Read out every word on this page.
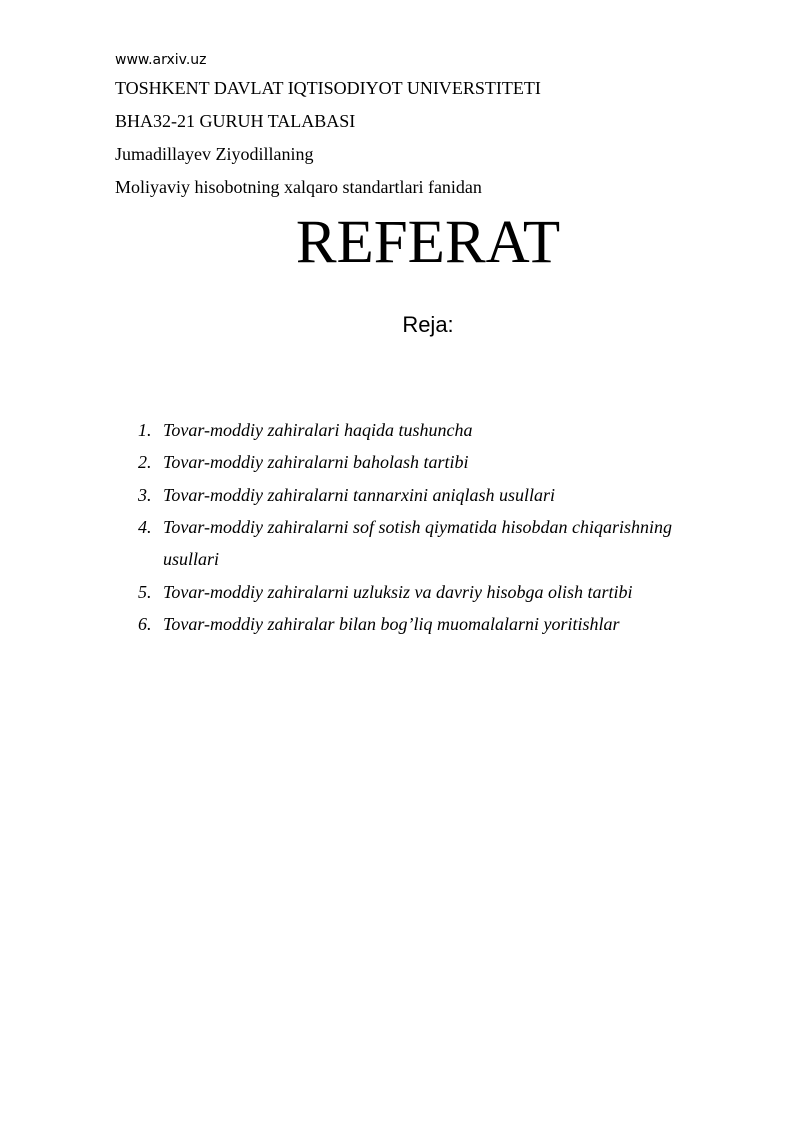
www.arxiv.uz
TOSHKENT DAVLAT IQTISODIYOT UNIVERSTITETI
BHA32-21 GURUH TALABASI
Jumadillayev Ziyodillaning
Moliyaviy hisobotning xalqaro standartlari fanidan
REFERAT
Reja:
1. Tovar-moddiy zahiralari haqida tushuncha
2. Tovar-moddiy zahiralarni baholash tartibi
3. Tovar-moddiy zahiralarni tannarxini aniqlash usullari
4. Tovar-moddiy zahiralarni sof sotish qiymatida hisobdan chiqarishning
usullari
5. Tovar-moddiy zahiralarni uzluksiz va davriy hisobga olish tartibi
6. Tovar-moddiy zahiralar bilan bog’liq muomalalarni yoritishlar
